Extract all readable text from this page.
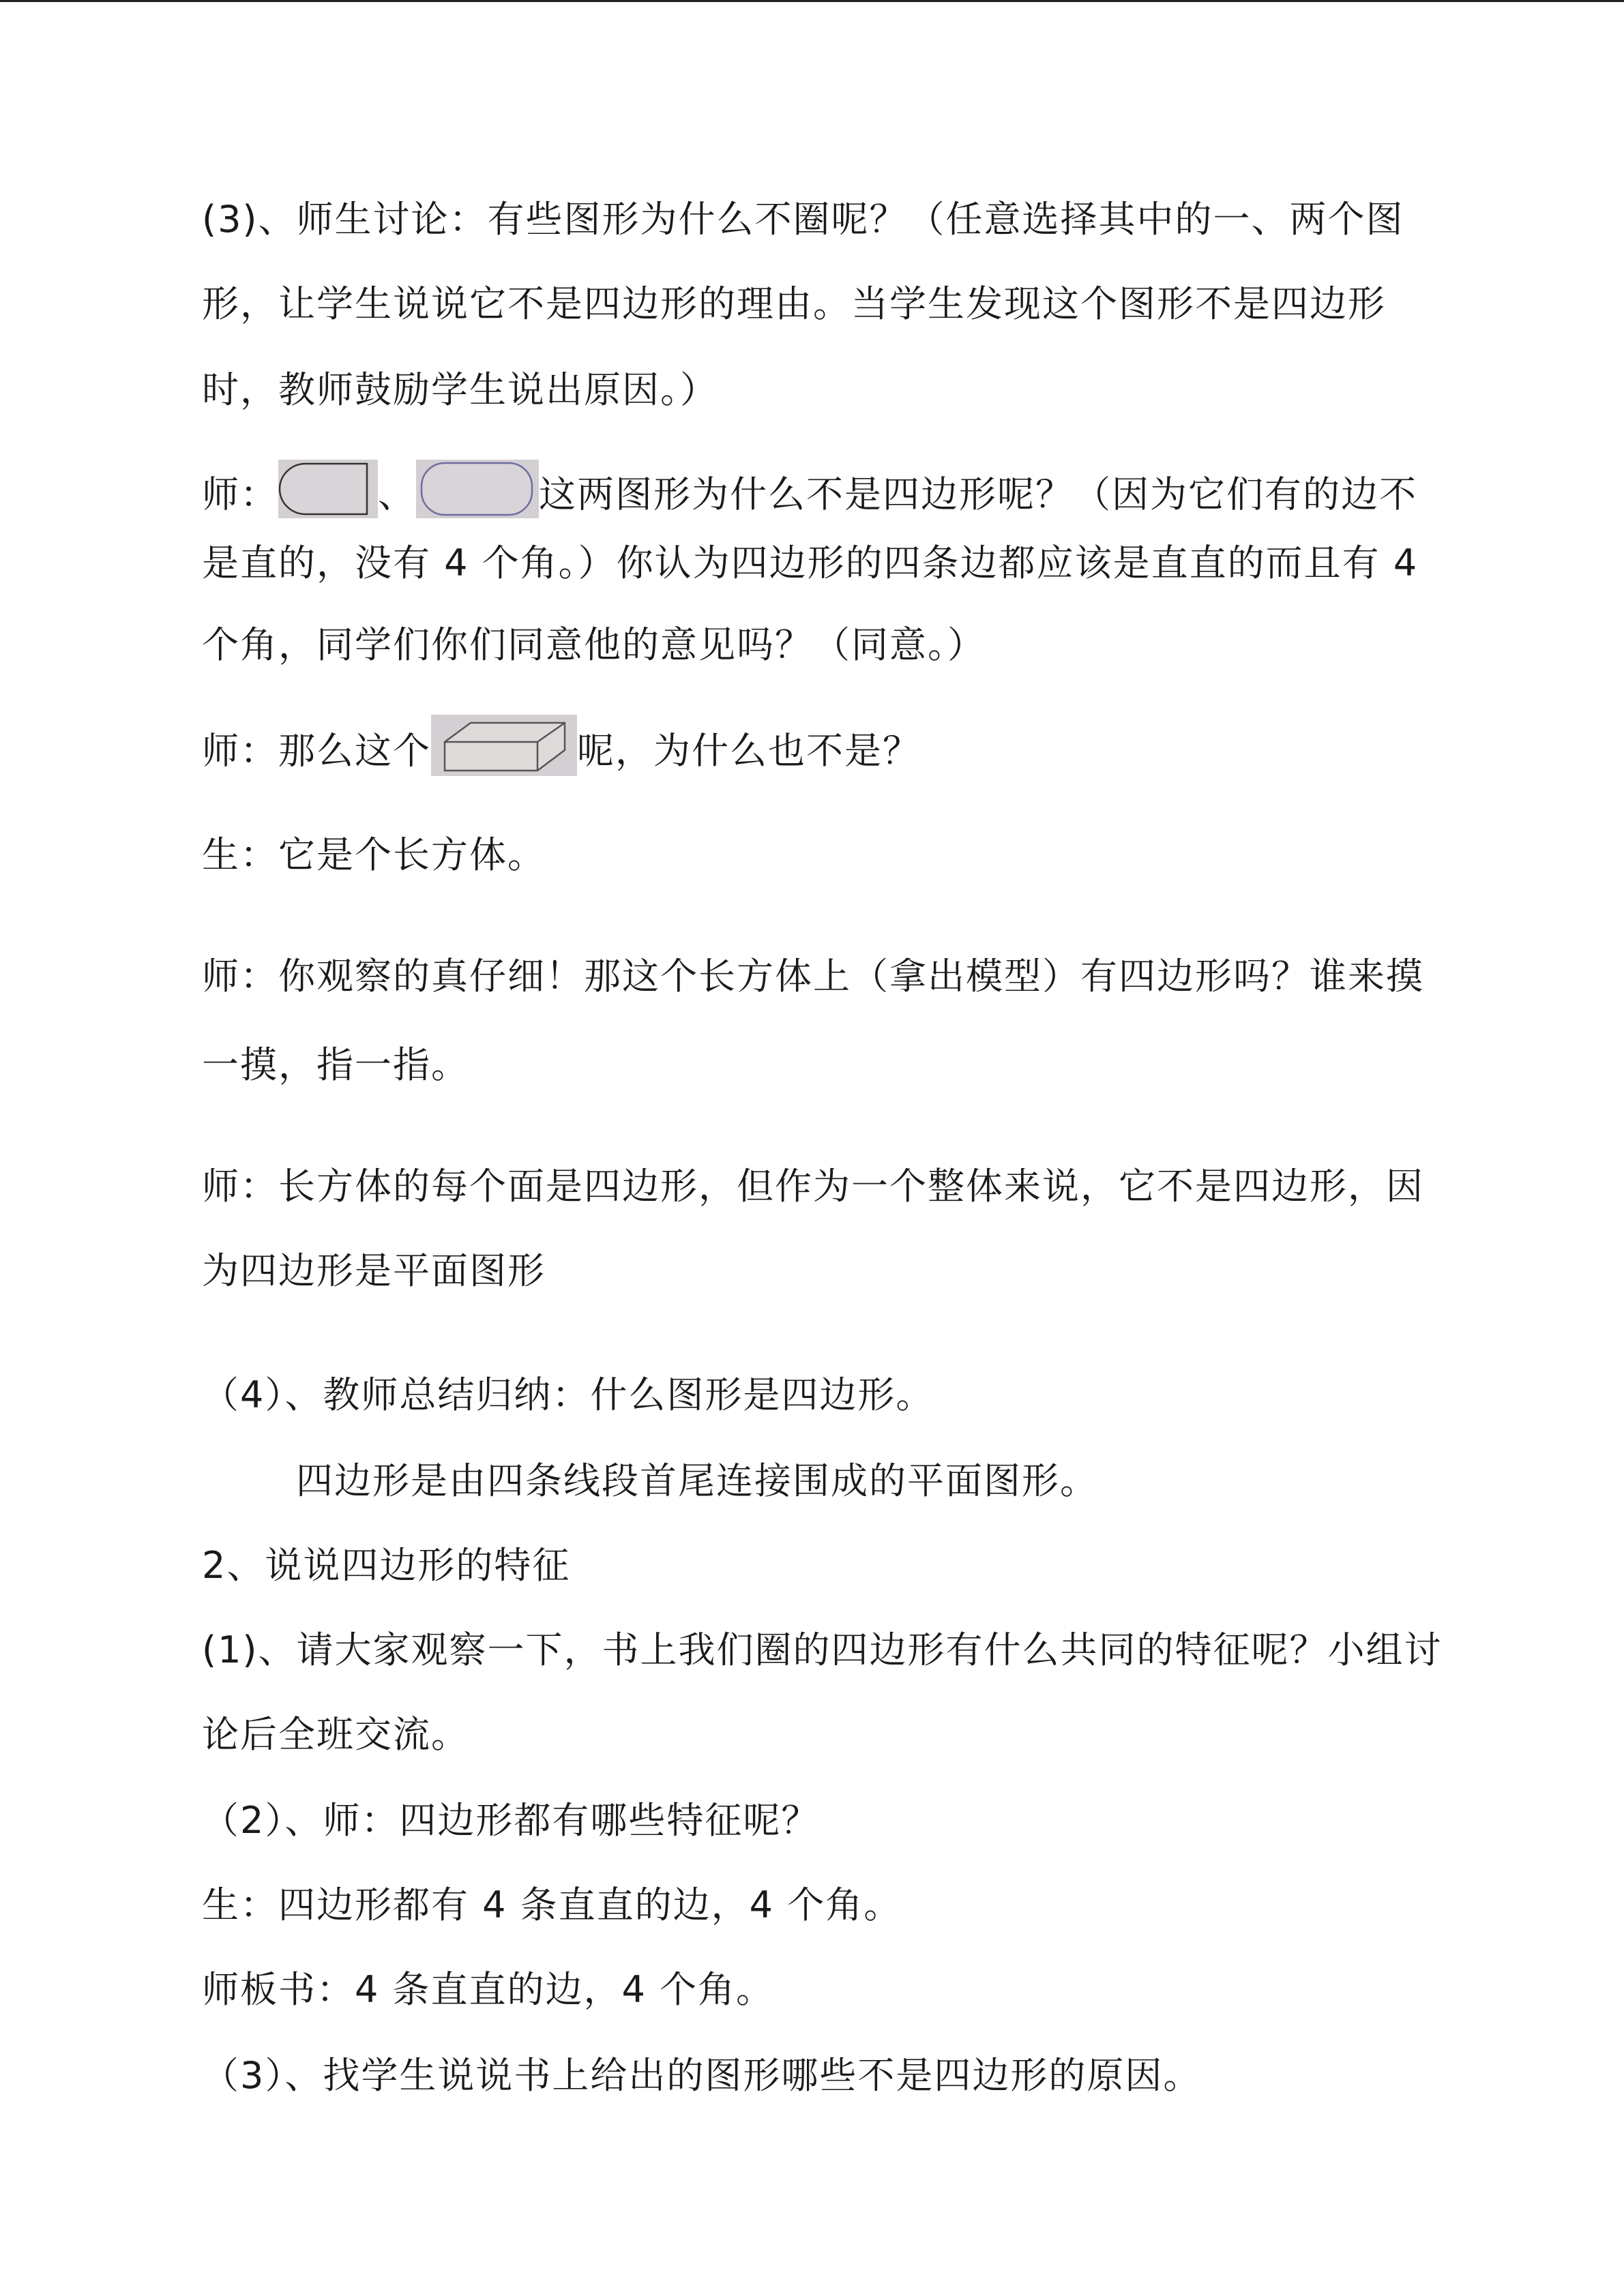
(3)、师生讨论：有些图形为什么不圈呢？（任意选择其中的一、两个图
形，让学生说说它不是四边形的理由。当学生发现这个图形不是四边形
时，教师鼓励学生说出原因。）
师：	、	这两图形为什么不是四边形呢？（因为它们有的边不
是直的，没有 4 个角。）你认为四边形的四条边都应该是直直的而且有 4
个角，同学们你们同意他的意见吗？（同意。）
师：那么这个	呢，为什么也不是？
生：它是个长方体。
师：你观察的真仔细！那这个长方体上（拿出模型）有四边形吗？谁来摸
一摸，指一指。
师：长方体的每个面是四边形，但作为一个整体来说，它不是四边形，因
为四边形是平面图形
（4）、教师总结归纳：什么图形是四边形。
四边形是由四条线段首尾连接围成的平面图形。
2、说说四边形的特征
(1)、请大家观察一下，书上我们圈的四边形有什么共同的特征呢？小组讨
论后全班交流。
（2）、师：四边形都有哪些特征呢？
生：四边形都有 4 条直直的边，4 个角。
师板书：4 条直直的边，4 个角。
（3）、找学生说说书上给出的图形哪些不是四边形的原因。
